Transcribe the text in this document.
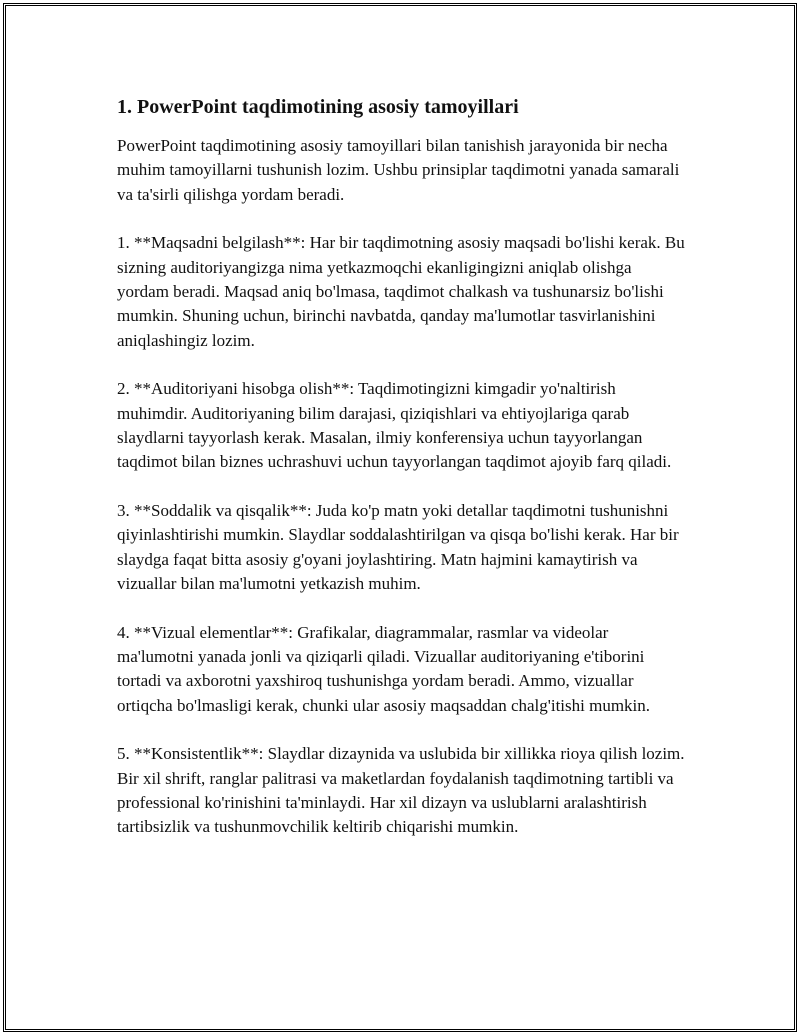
1. PowerPoint taqdimotining asosiy tamoyillari

PowerPoint taqdimotining asosiy tamoyillari bilan tanishish jarayonida bir necha muhim tamoyillarni tushunish lozim. Ushbu prinsiplar taqdimotni yanada samarali va ta'sirli qilishga yordam beradi.

1. **Maqsadni belgilash**: Har bir taqdimotning asosiy maqsadi bo'lishi kerak. Bu sizning auditoriyangizga nima yetkazmoqchi ekanligingizni aniqlab olishga yordam beradi. Maqsad aniq bo'lmasa, taqdimot chalkash va tushunarsiz bo'lishi mumkin. Shuning uchun, birinchi navbatda, qanday ma'lumotlar tasvirlanishini aniqlashingiz lozim.

2. **Auditoriyani hisobga olish**: Taqdimotingizni kimgadir yo'naltirish muhimdir. Auditoriyaning bilim darajasi, qiziqishlari va ehtiyojlariga qarab slaydlarni tayyorlash kerak. Masalan, ilmiy konferensiya uchun tayyorlangan taqdimot bilan biznes uchrashuvi uchun tayyorlangan taqdimot ajoyib farq qiladi.

3. **Soddalik va qisqalik**: Juda ko'p matn yoki detallar taqdimotni tushunishni qiyinlashtirishi mumkin. Slaydlar soddalashtirilgan va qisqa bo'lishi kerak. Har bir slaydga faqat bitta asosiy g'oyani joylashtiring. Matn hajmini kamaytirish va vizuallar bilan ma'lumotni yetkazish muhim.

4. **Vizual elementlar**: Grafikalar, diagrammalar, rasmlar va videolar ma'lumotni yanada jonli va qiziqarli qiladi. Vizuallar auditoriyaning e'tiborini tortadi va axborotni yaxshiroq tushunishga yordam beradi. Ammo, vizuallar ortiqcha bo'lmasligi kerak, chunki ular asosiy maqsaddan chalg'itishi mumkin.

5. **Konsistentlik**: Slaydlar dizaynida va uslubida bir xillikka rioya qilish lozim. Bir xil shrift, ranglar palitrasi va maketlardan foydalanish taqdimotning tartibli va professional ko'rinishini ta'minlaydi. Har xil dizayn va uslublarni aralashtirish tartibsizlik va tushunmovchilik keltirib chiqarishi mumkin.
